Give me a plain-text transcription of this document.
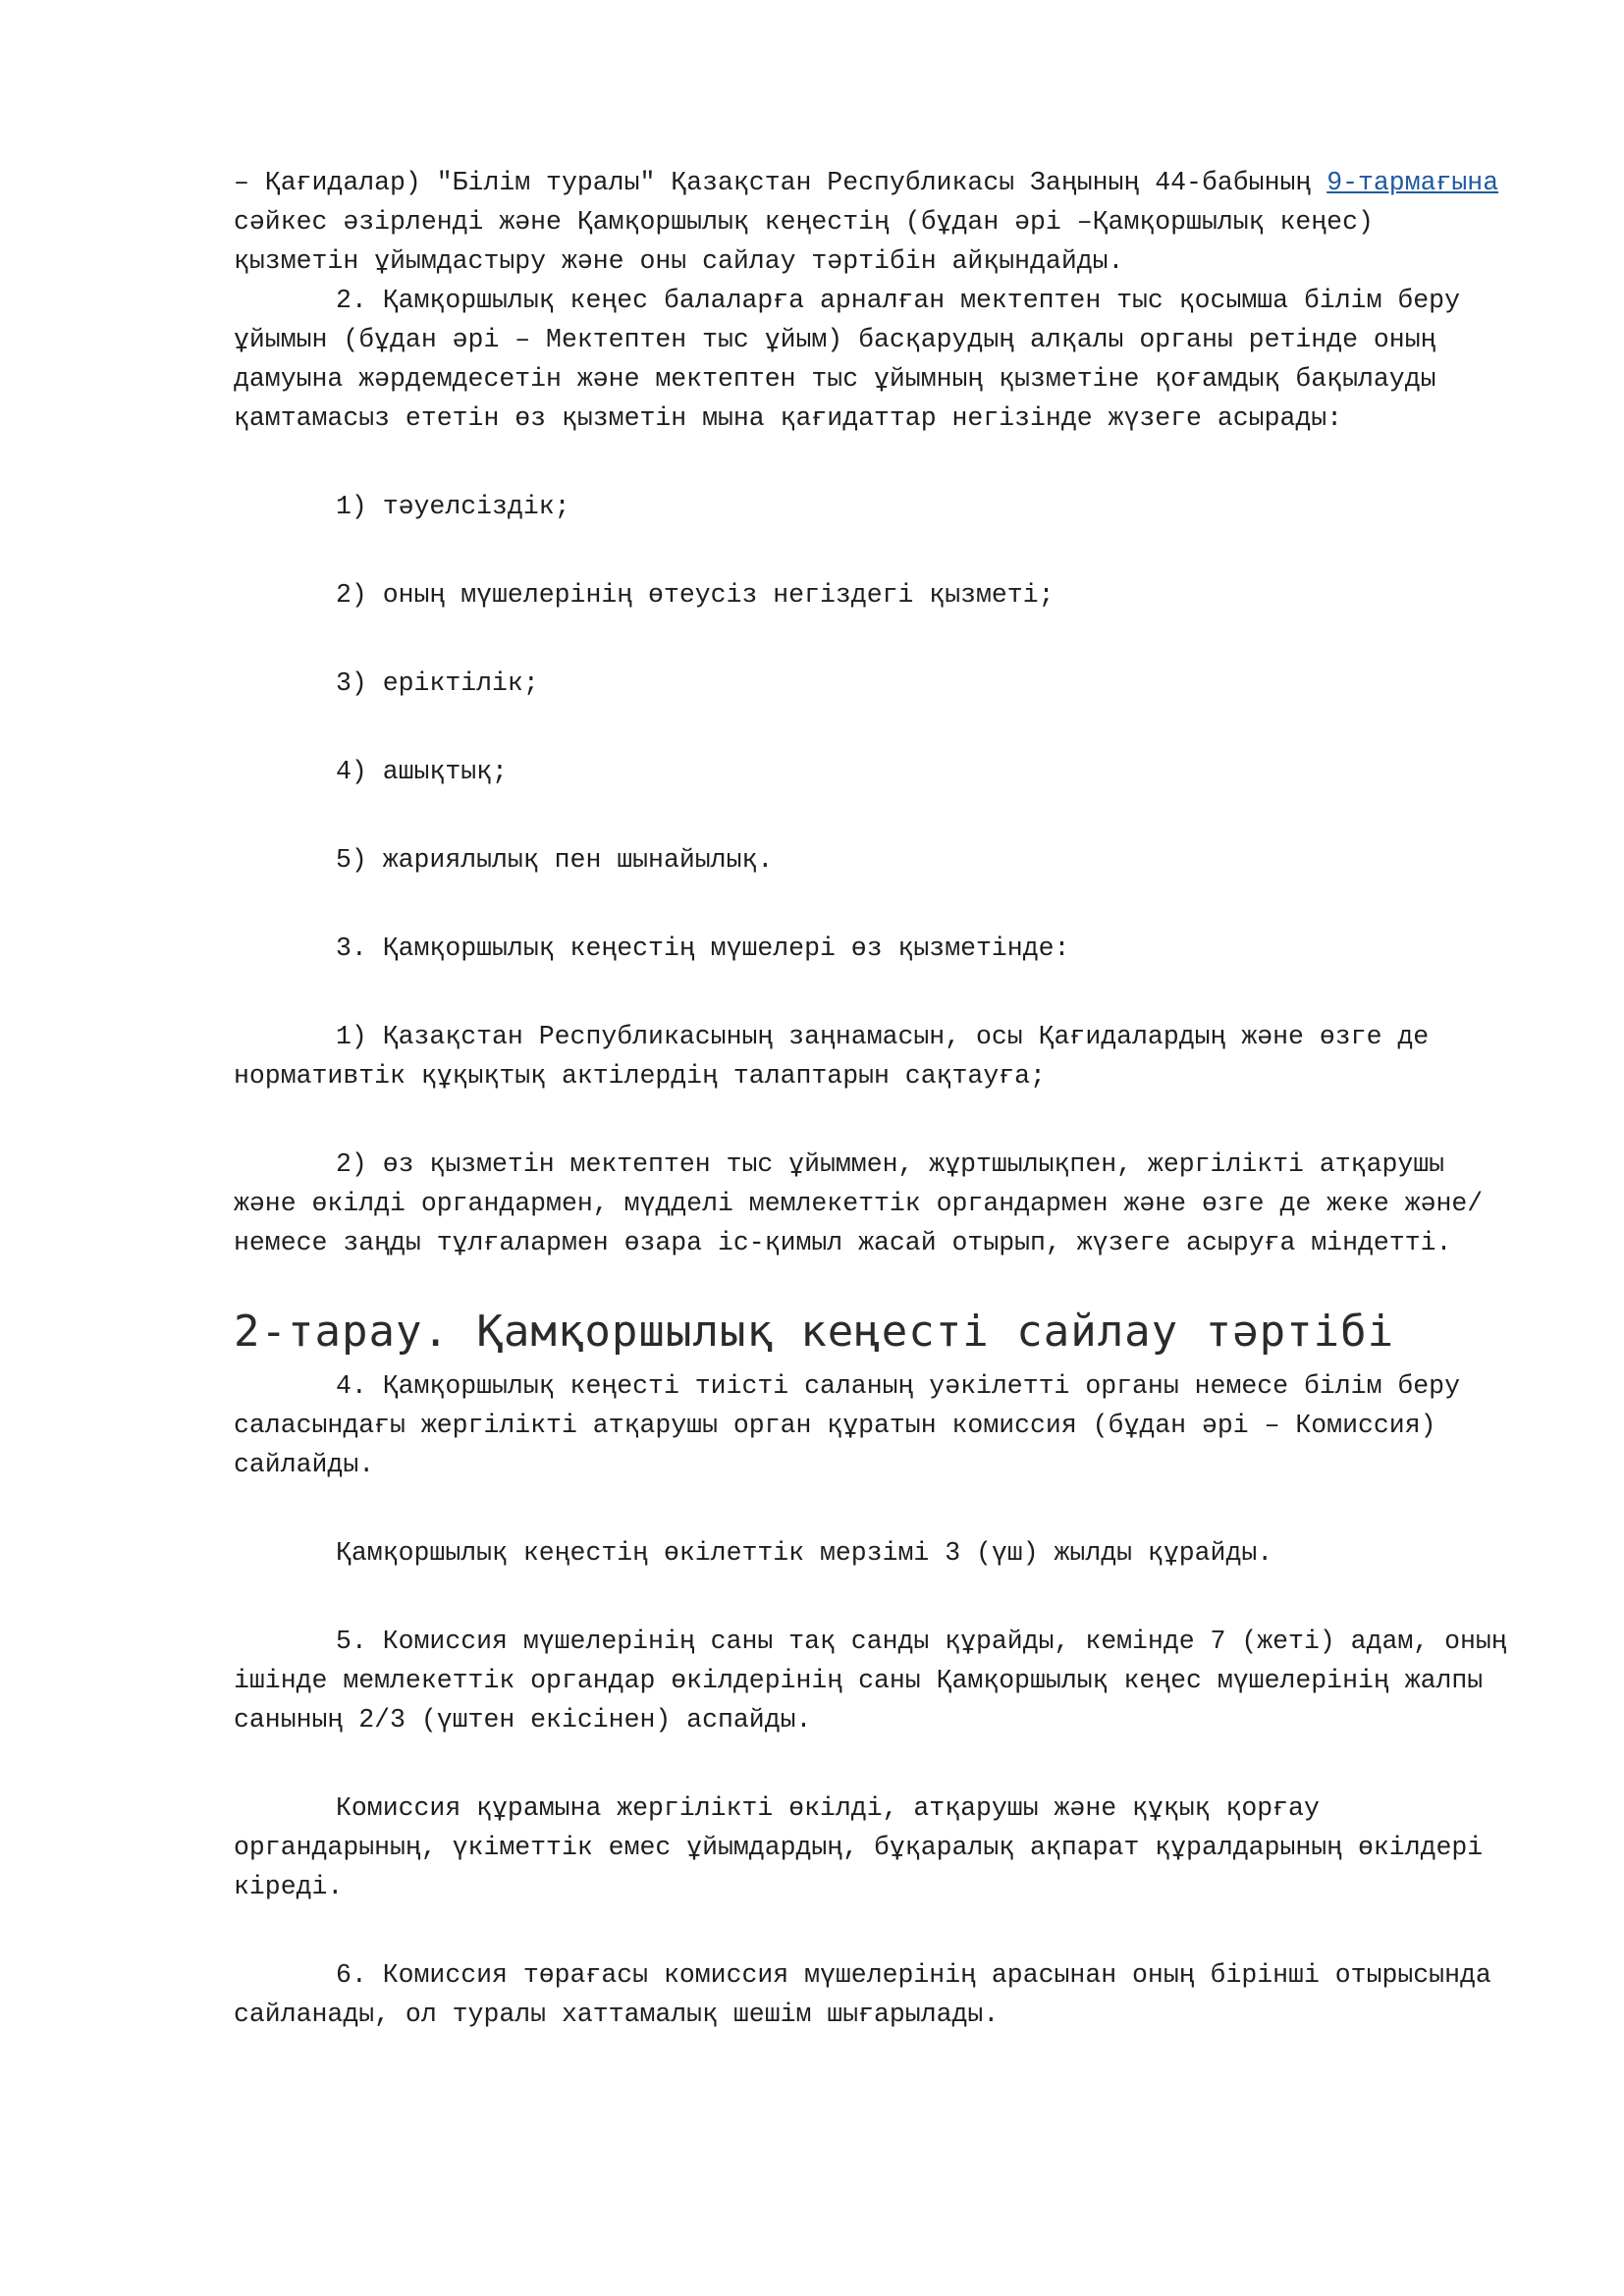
– Қағидалар) "Білім туралы" Қазақстан Республикасы Заңының 44-бабының 9-тармағына сәйкес әзірленді және Қамқоршылық кеңестің (бұдан әрі –Қамқоршылық кеңес) қызметін ұйымдастыру және оны сайлау тәртібін айқындайды.

2. Қамқоршылық кеңес балаларға арналған мектептен тыс қосымша білім беру ұйымын (бұдан әрі – Мектептен тыс ұйым) басқарудың алқалы органы ретінде оның дамуына жәрдемдесетін және мектептен тыс ұйымның қызметіне қоғамдық бақылауды қамтамасыз ететін өз қызметін мына қағидаттар негізінде жүзеге асырады:

1) тәуелсіздік;

2) оның мүшелерінің өтеусіз негіздегі қызметі;

3) еріктілік;

4) ашықтық;

5) жариялылық пен шынайылық.

3. Қамқоршылық кеңестің мүшелері өз қызметінде:

1) Қазақстан Республикасының заңнамасын, осы Қағидалардың және өзге де нормативтік құқықтық актілердің талаптарын сақтауға;

2) өз қызметін мектептен тыс ұйыммен, жұртшылықпен, жергілікті атқарушы және өкілді органдармен, мүдделі мемлекеттік органдармен және өзге де жеке және/немесе заңды тұлғалармен өзара іс-қимыл жасай отырып, жүзеге асыруға міндетті.

2-тарау. Қамқоршылық кеңесті сайлау тәртібі

4. Қамқоршылық кеңесті тиісті саланың уәкілетті органы немесе білім беру саласындағы жергілікті атқарушы орган құратын комиссия (бұдан әрі – Комиссия) сайлайды.

Қамқоршылық кеңестің өкілеттік мерзімі 3 (үш) жылды құрайды.

5. Комиссия мүшелерінің саны тақ санды құрайды, кемінде 7 (жеті) адам, оның ішінде мемлекеттік органдар өкілдерінің саны Қамқоршылық кеңес мүшелерінің жалпы санының 2/3 (үштен екісінен) аспайды.

Комиссия құрамына жергілікті өкілді, атқарушы және құқық қорғау органдарының, үкіметтік емес ұйымдардың, бұқаралық ақпарат құралдарының өкілдері кіреді.

6. Комиссия төрағасы комиссия мүшелерінің арасынан оның бірінші отырысында сайланады, ол туралы хаттамалық шешім шығарылады.
